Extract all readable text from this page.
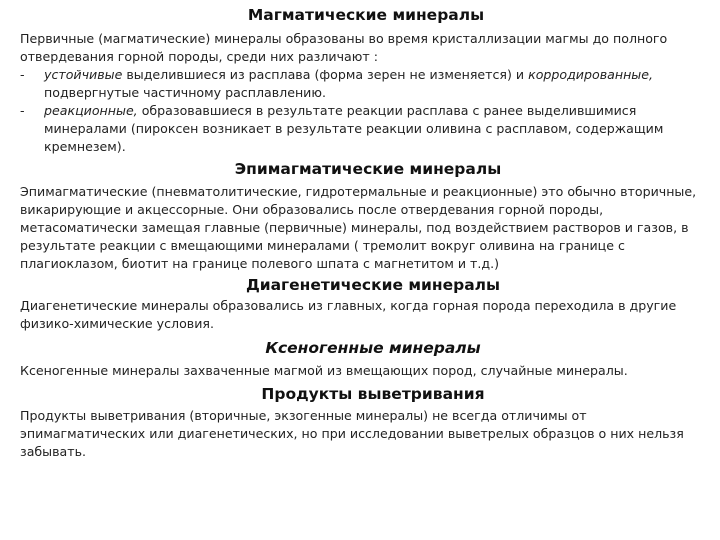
Магматические минералы

Первичные (магматические) минералы образованы во время кристаллизации магмы до полного отвердевания горной породы, среди них различают :

- устойчивые выделившиеся из расплава (форма зерен не изменяется) и корродированные, подвергнутые частичному расплавлению.
- реакционные, образовавшиеся в результате реакции расплава с ранее выделившимися минералами (пироксен возникает в результате реакции оливина с расплавом, содержащим кремнезем).
Эпимагматические минералы

Эпимагматические (пневматолитические, гидротермальные и реакционные) это обычно вторичные, викарирующие и акцессорные. Они образовались после отвердевания горной породы, метасоматически замещая главные (первичные) минералы, под воздействием растворов и газов, в результате реакции с вмещающими минералами ( тремолит вокруг оливина на границе с плагиоклазом, биотит на границе полевого шпата с магнетитом и т.д.)

Диагенетические минералы

Диагенетические минералы образовались из главных, когда горная порода переходила в другие физико-химические условия.

Ксеногенные минералы

Ксеногенные минералы захваченные магмой из вмещающих пород, случайные минералы.

Продукты выветривания

Продукты выветривания (вторичные, экзогенные минералы) не всегда отличимы от эпимагматических или диагенетических, но при исследовании выветрелых образцов о них нельзя забывать.
